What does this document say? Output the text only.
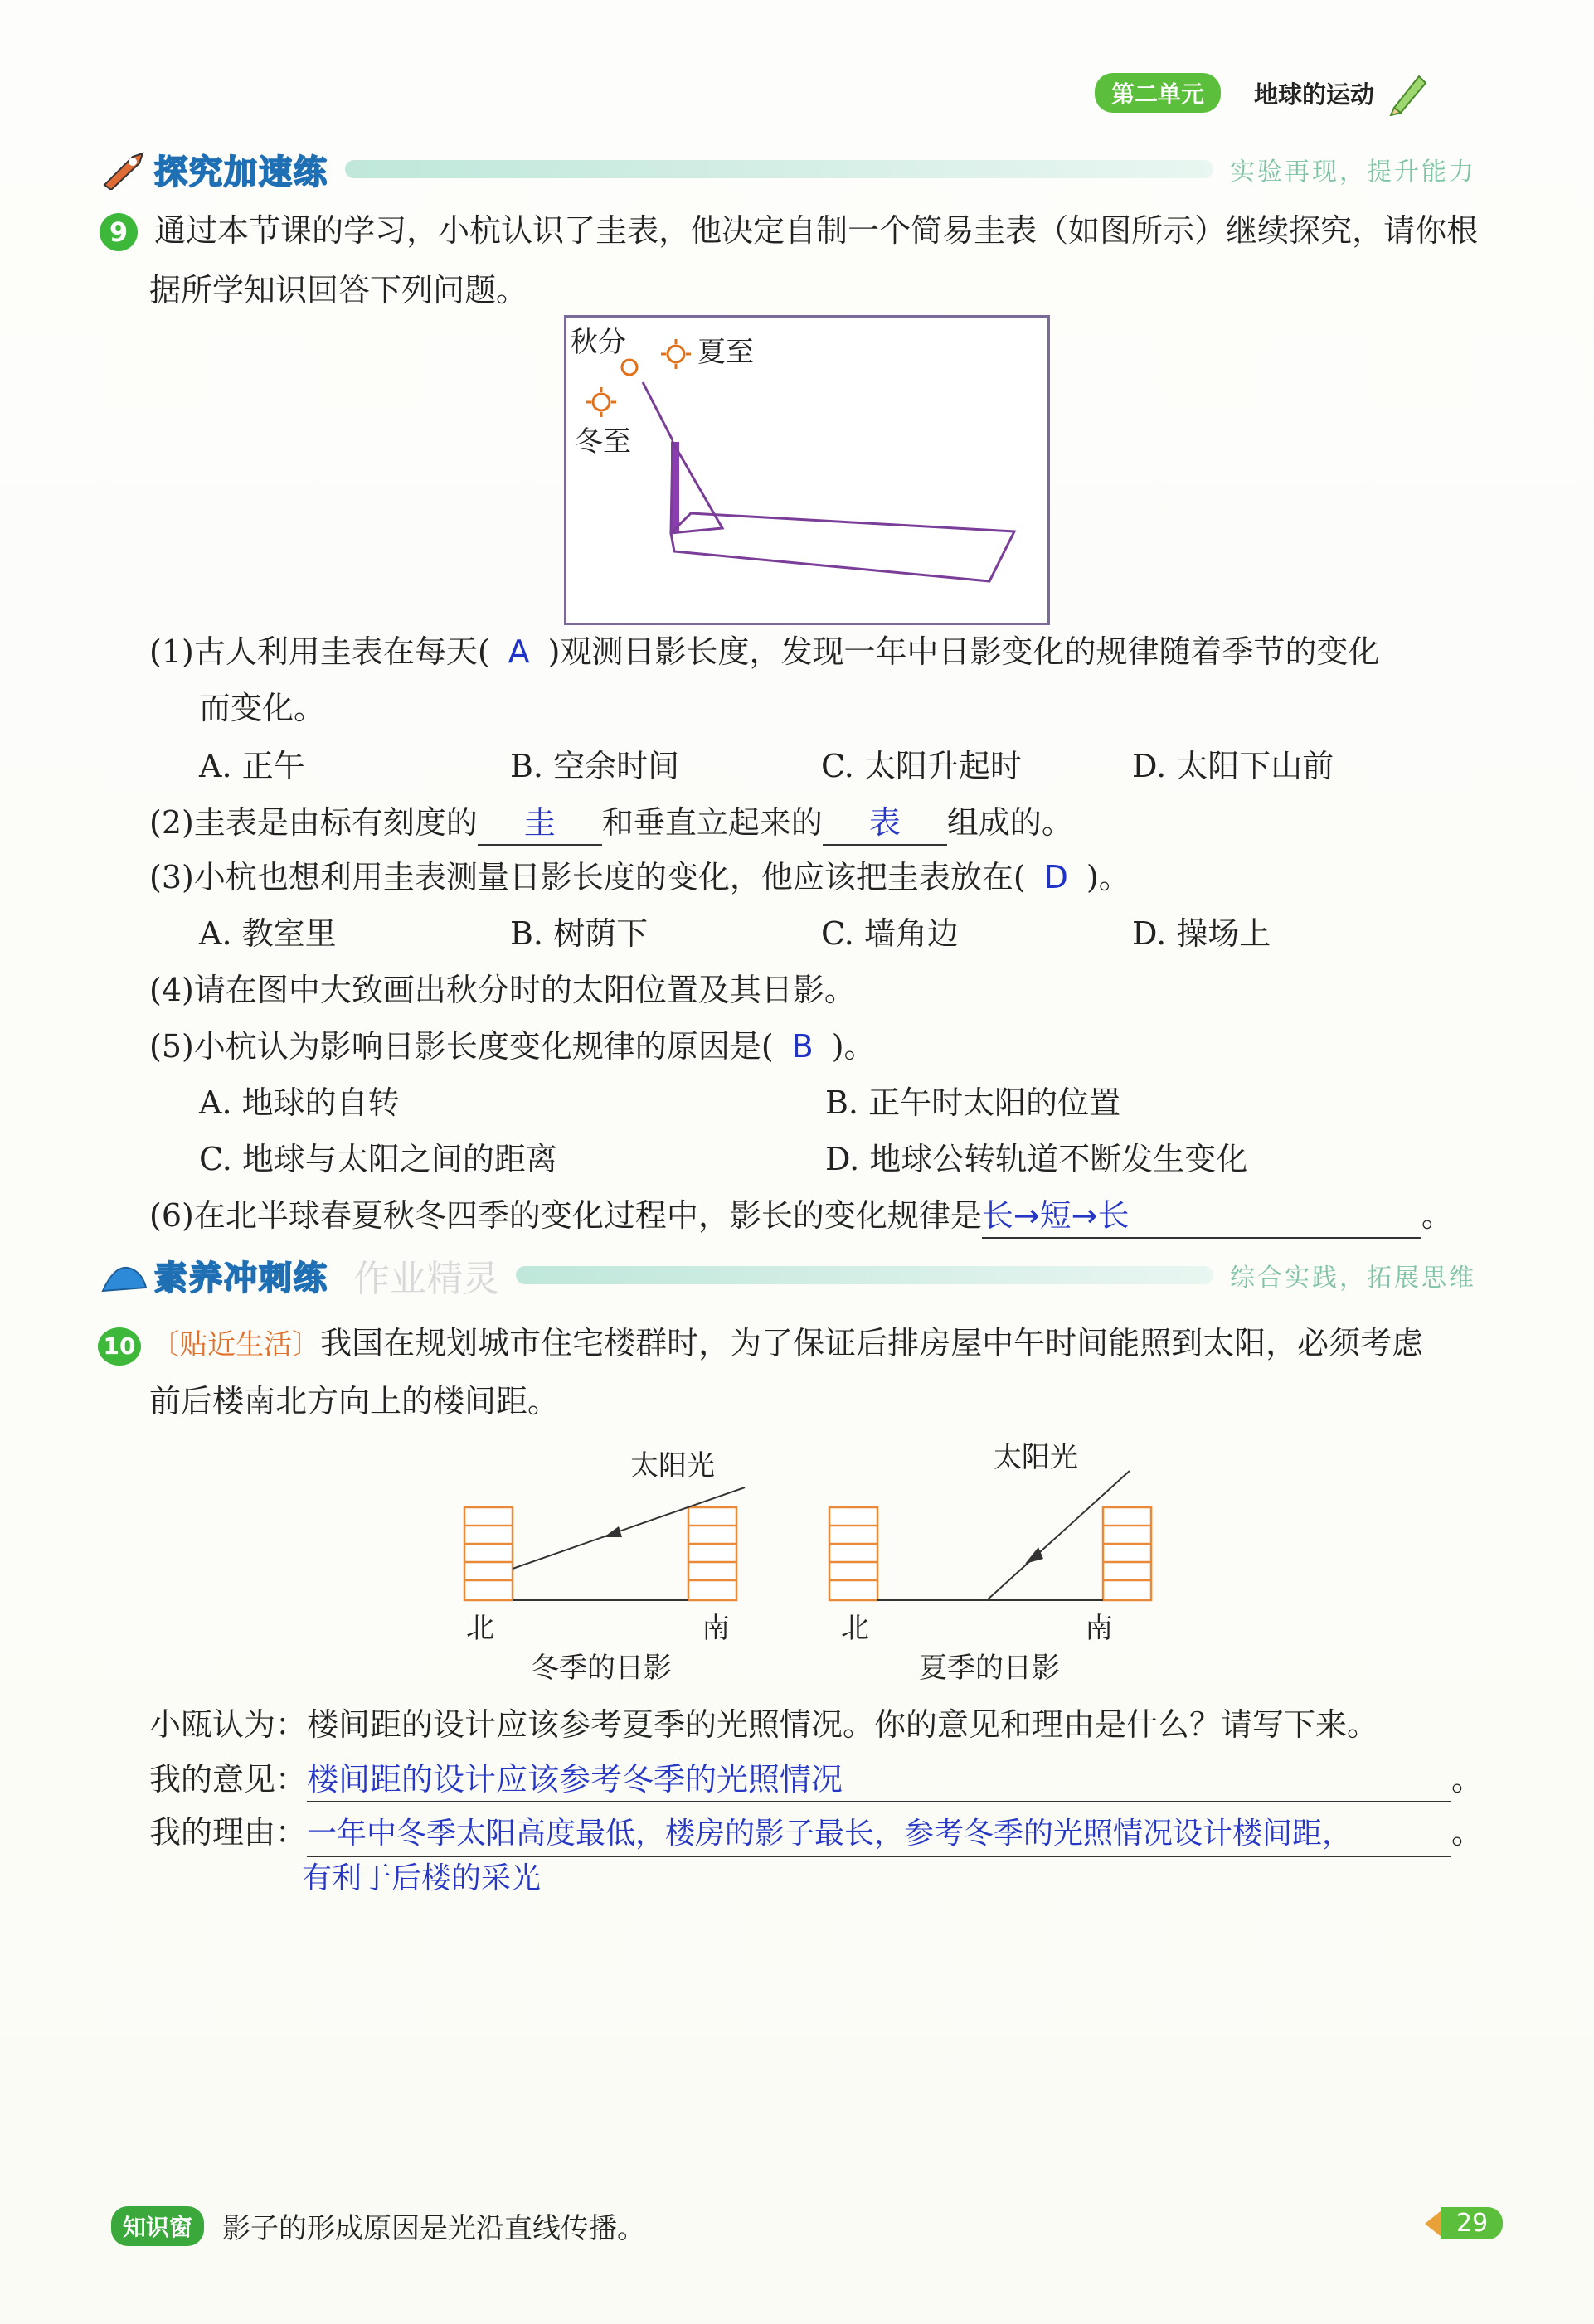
第二单元	地球的运动
探究加速练	实验再现，提升能力
9 通过本节课的学习，小杭认识了圭表，他决定自制一个简易圭表（如图所示）继续探究，请你根
据所学知识回答下列问题。
秋分	夏至
冬至
(1)古人利用圭表在每天( A )观测日影长度，发现一年中日影变化的规律随着季节的变化
而变化。
A. 正午	B. 空余时间	C. 太阳升起时	D. 太阳下山前
(2)圭表是由标有刻度的 圭 和垂直立起来的 表 组成的。
(3)小杭也想利用圭表测量日影长度的变化，他应该把圭表放在( D )。
A. 教室里	B. 树荫下	C. 墙角边	D. 操场上
(4)请在图中大致画出秋分时的太阳位置及其日影。
(5)小杭认为影响日影长度变化规律的原因是( B )。
A. 地球的自转	B. 正午时太阳的位置
C. 地球与太阳之间的距离	D. 地球公转轨道不断发生变化
(6)在北半球春夏秋冬四季的变化过程中，影长的变化规律是长→短→长	。
素养冲刺练 作业精灵	综合实践，拓展思维
10 〔贴近生活〕我国在规划城市住宅楼群时，为了保证后排房屋中午时间能照到太阳，必须考虑
前后楼南北方向上的楼间距。
太阳光
北	南
冬季的日影
太阳光
北	南
夏季的日影
小瓯认为：楼间距的设计应该参考夏季的光照情况。你的意见和理由是什么？请写下来。
我的意见：楼间距的设计应该参考冬季的光照情况	。
我的理由：一年中冬季太阳高度最低，楼房的影子最长，参考冬季的光照情况设计楼间距，	。
有利于后楼的采光
知识窗	影子的形成原因是光沿直线传播。	29
